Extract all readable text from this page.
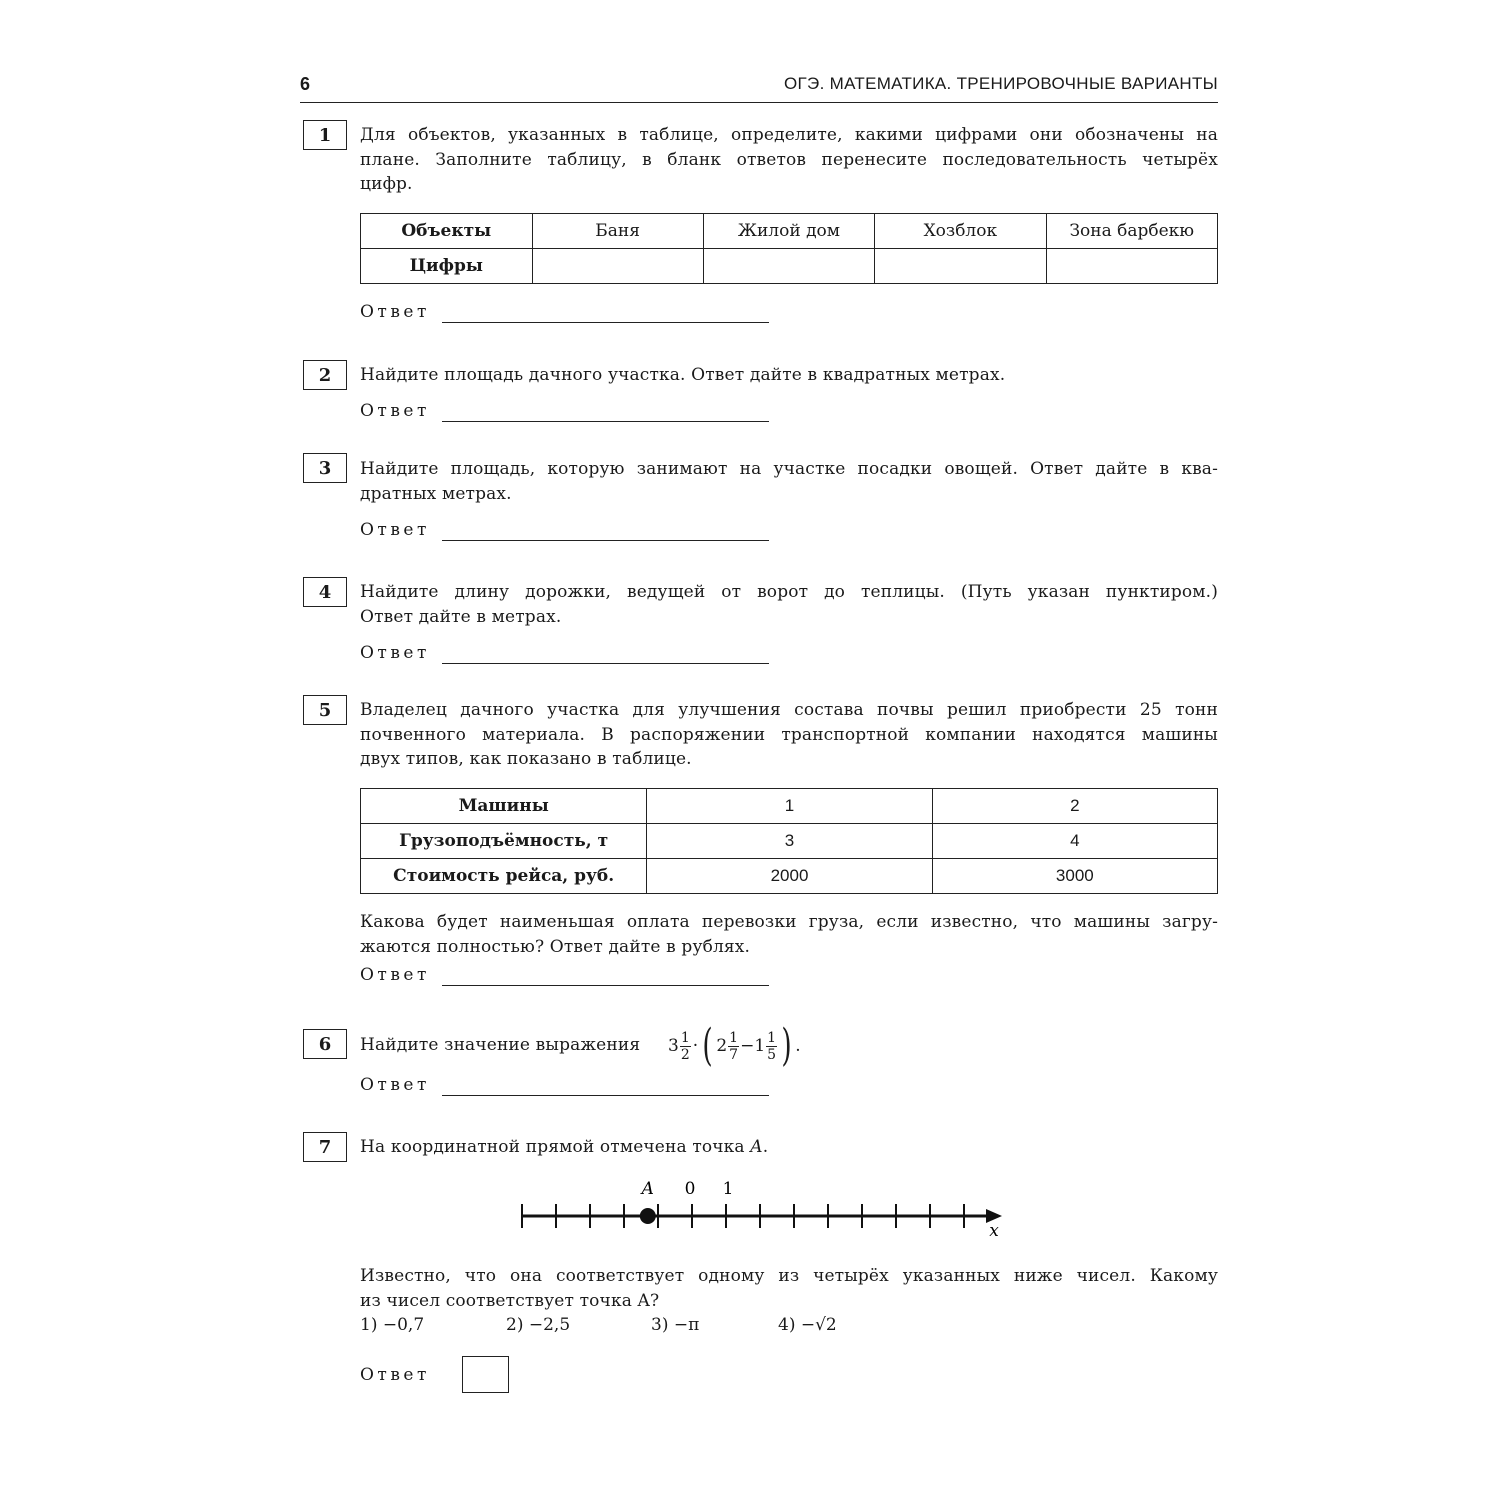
6	ОГЭ. МАТЕМАТИКА. ТРЕНИРОВОЧНЫЕ ВАРИАНТЫ
1	Для объектов, указанных в таблице, определите, какими цифрами они обозначены на
плане. Заполните таблицу, в бланк ответов перенесите последовательность четырёх
цифр.
Объекты	Баня	Жилой дом	Хозблок	Зона барбекю
Цифры				
Ответ
2	Найдите площадь дачного участка. Ответ дайте в квадратных метрах.
Ответ
3	Найдите площадь, которую занимают на участке посадки овощей. Ответ дайте в ква-
дратных метрах.
Ответ
4	Найдите длину дорожки, ведущей от ворот до теплицы. (Путь указан пунктиром.)
Ответ дайте в метрах.
Ответ
5	Владелец дачного участка для улучшения состава почвы решил приобрести 25 тонн
почвенного материала. В распоряжении транспортной компании находятся машины
двух типов, как показано в таблице.
Машины	1	2
Грузоподъёмность, т	3	4
Стоимость рейса, руб.	2000	3000
Какова будет наименьшая оплата перевозки груза, если известно, что машины загру-
жаются полностью? Ответ дайте в рублях.
Ответ
6	Найдите значение выражения	$3 \frac{1}{2}$ · ( $2 \frac{1}{7} - 1 \frac{1}{5}$ ) .
Ответ
7	На координатной прямой отмечена точка A.
A 0 1
x
Известно, что она соответствует одному из четырёх указанных ниже чисел. Какому
из чисел соответствует точка A?
1) −0,7	2) −2,5	3) −π	4) −√2
Ответ
